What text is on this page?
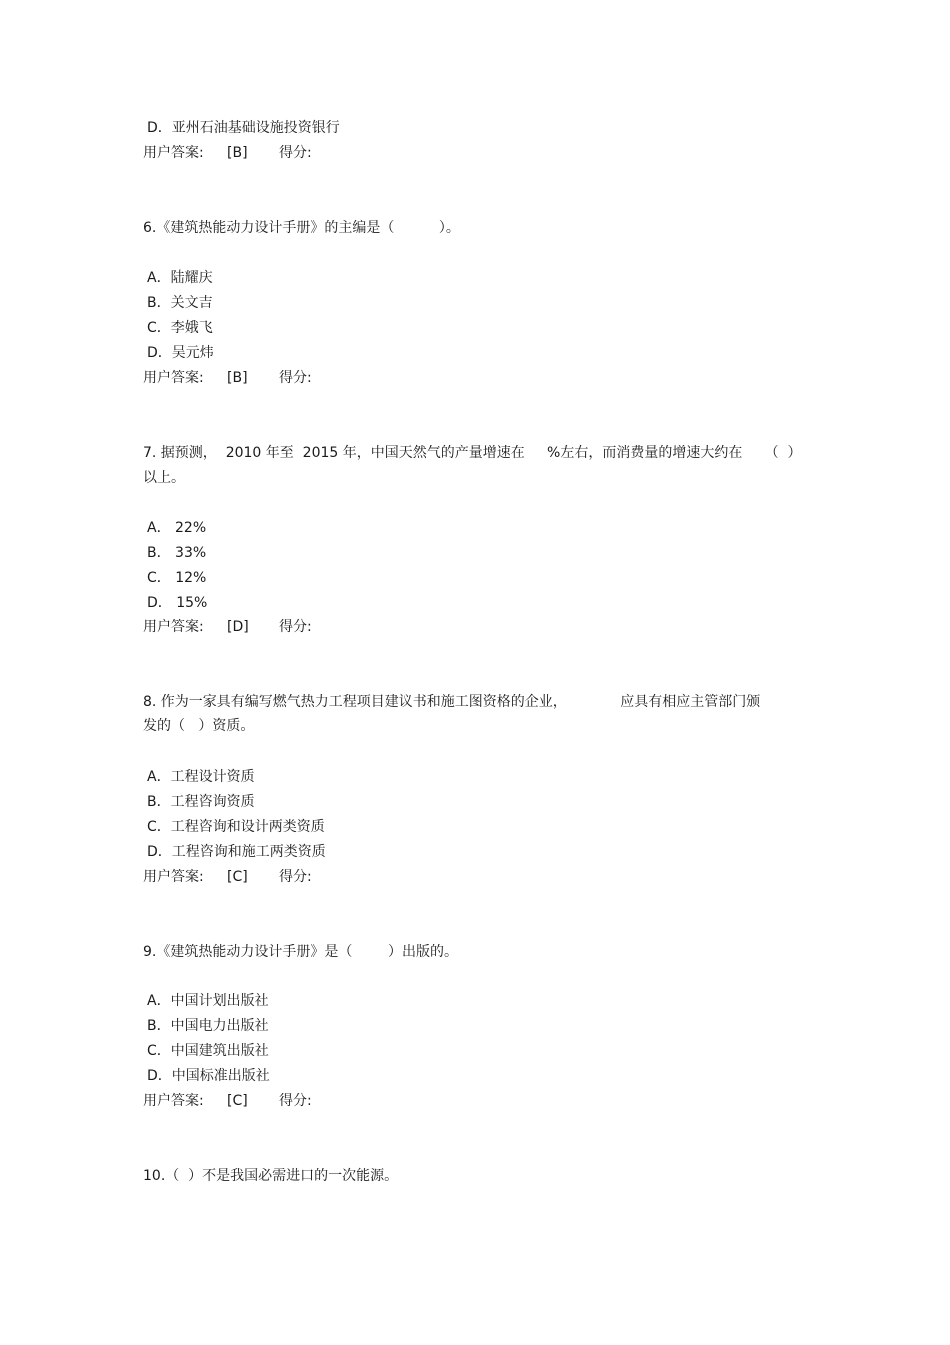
D．亚州石油基础设施投资银行

用户答案:

[B]

得分:

6.《建筑热能动力设计手册》的主编是（          ）。
A．陆耀庆
B．关文吉
C．李娥飞
D．吴元炜

用户答案:

[B]

得分:

7. 据预测，  2010 年至  2015 年，中国天然气的产量增速在     %左右，而消费量的增速大约在     （  ）
以上。
A． 22%
B． 33%
C． 12%
D． 15%

用户答案:

[D]

得分:

8. 作为一家具有编写燃气热力工程项目建议书和施工图资格的企业，            应具有相应主管部门颁
发的（   ）资质。
A．工程设计资质
B．工程咨询资质
C．工程咨询和设计两类资质
D．工程咨询和施工两类资质

用户答案:

[C]

得分:

9.《建筑热能动力设计手册》是（        ）出版的。
A．中国计划出版社
B．中国电力出版社
C．中国建筑出版社
D．中国标准出版社

用户答案:

[C]

得分:

10.（  ）不是我国必需进口的一次能源。
